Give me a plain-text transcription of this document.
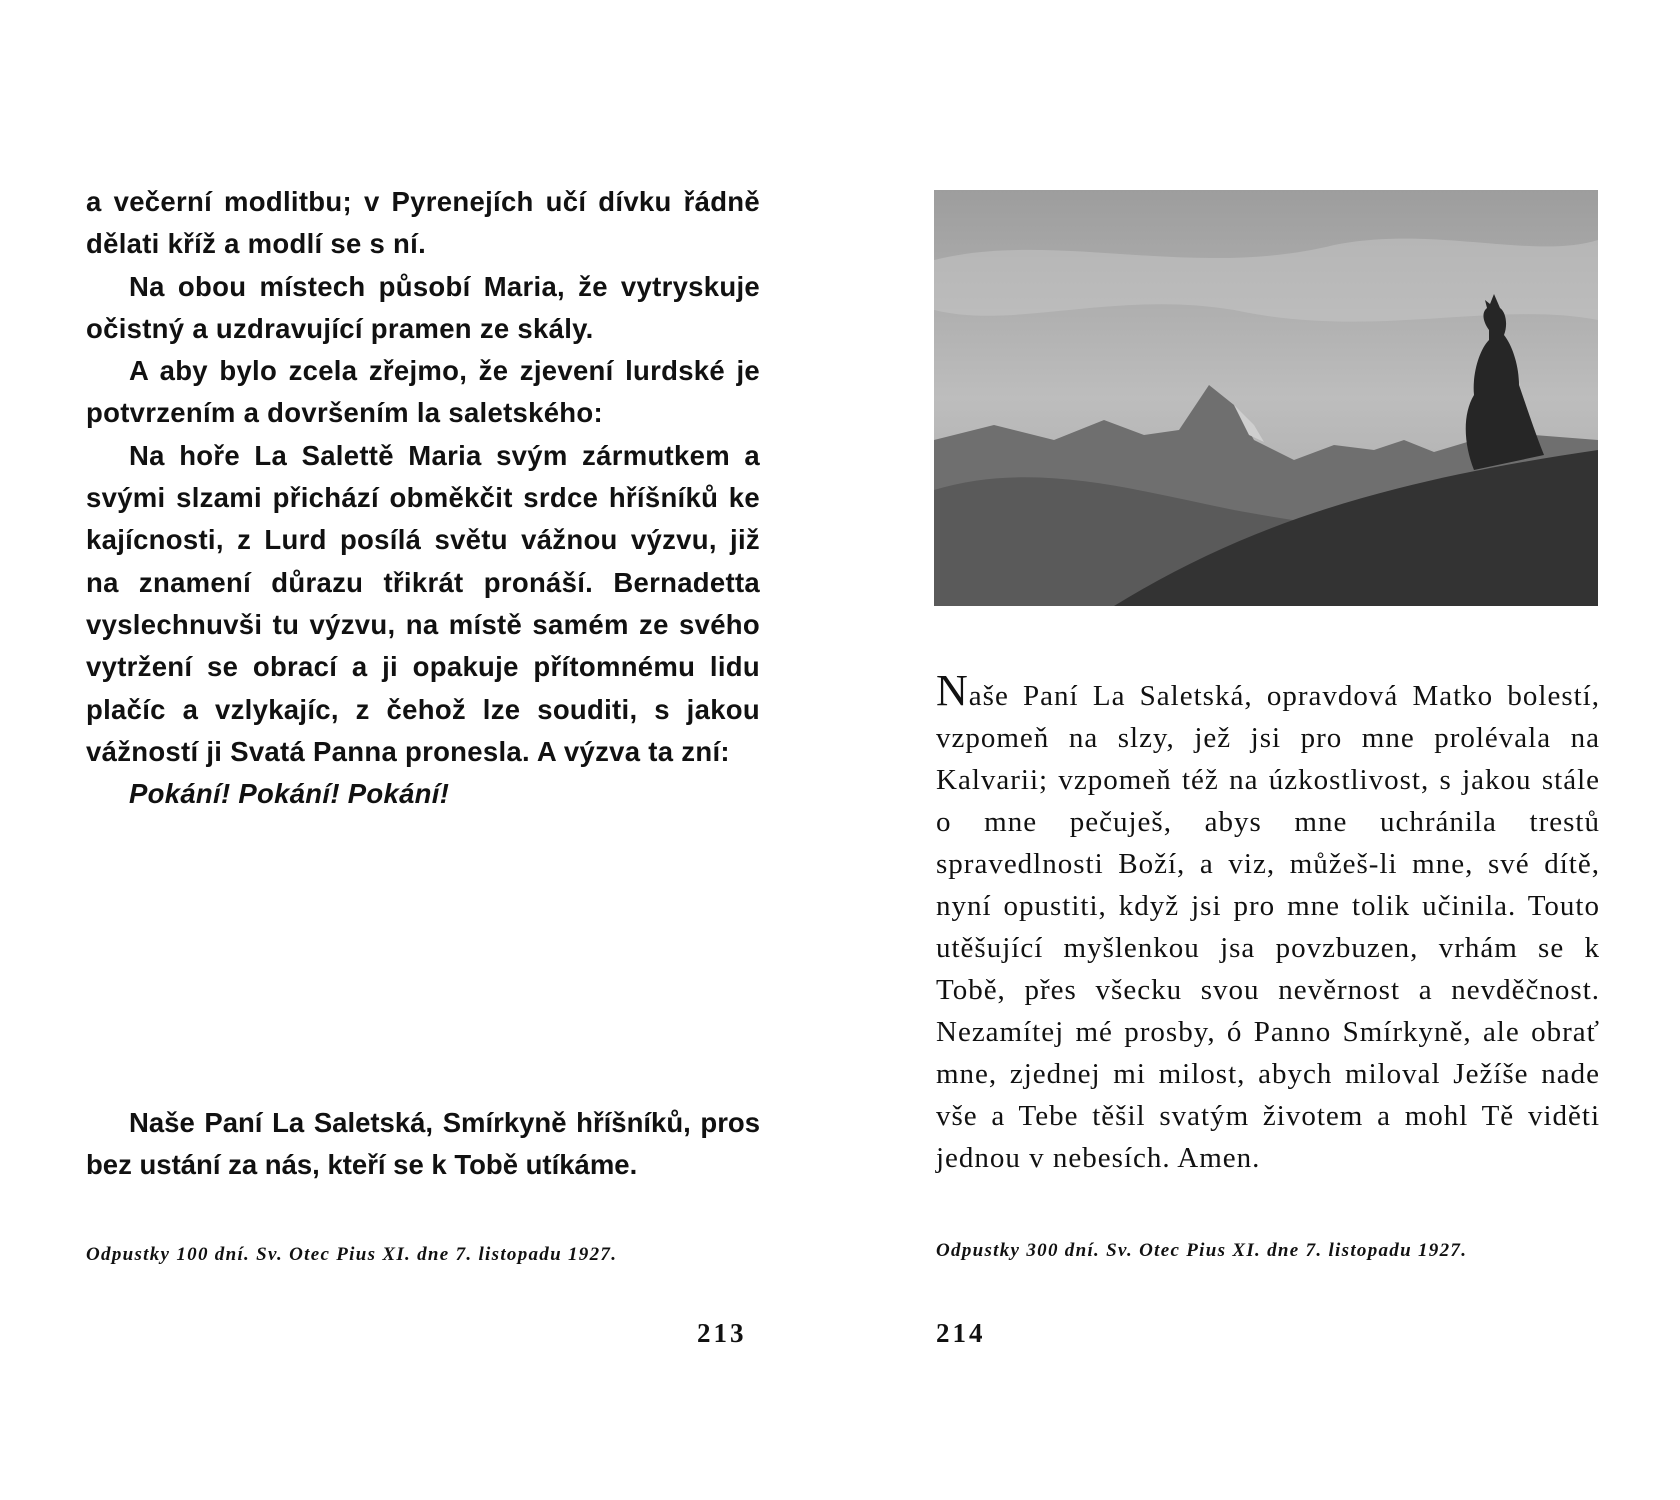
a večerní modlitbu; v Pyrenejích učí dívku řádně dělati kříž a modlí se s ní.

Na obou místech působí Maria, že vytryskuje očistný a uzdravující pramen ze skály.

A aby bylo zcela zřejmo, že zjevení lurdské je potvrzením a dovršením la saletského:

Na hoře La Salettě Maria svým zármutkem a svými slzami přichází obměkčit srdce hříšníků ke kajícnosti, z Lurd posílá světu vážnou výzvu, již na znamení důrazu třikrát pronáší. Bernadetta vyslechnuvši tu výzvu, na místě samém ze svého vytržení se obrací a ji opakuje přítomnému lidu plačíc a vzlykajíc, z čehož lze souditi, s jakou vážností ji Svatá Panna pronesla. A výzva ta zní:

Pokání! Pokání! Pokání!

Naše Paní La Saletská, Smírkyně hříšníků, pros bez ustání za nás, kteří se k Tobě utíkáme.

Odpustky 100 dní. Sv. Otec Pius XI. dne 7. listopadu 1927.

213

Naše Paní La Saletská, opravdová Matko bolestí, vzpomeň na slzy, jež jsi pro mne prolévala na Kalvarii; vzpomeň též na úzkostlivost, s jakou stále o mne pečuješ, abys mne uchránila trestů spravedlnosti Boží, a viz, můžeš-li mne, své dítě, nyní opustiti, když jsi pro mne tolik učinila. Touto utěšující myšlenkou jsa povzbuzen, vrhám se k Tobě, přes všecku svou nevěrnost a nevděčnost. Nezamítej mé prosby, ó Panno Smírkyně, ale obrať mne, zjednej mi milost, abych miloval Ježíše nade vše a Tebe těšil svatým životem a mohl Tě viděti jednou v nebesích. Amen.

Odpustky 300 dní. Sv. Otec Pius XI. dne 7. listopadu 1927.

214
